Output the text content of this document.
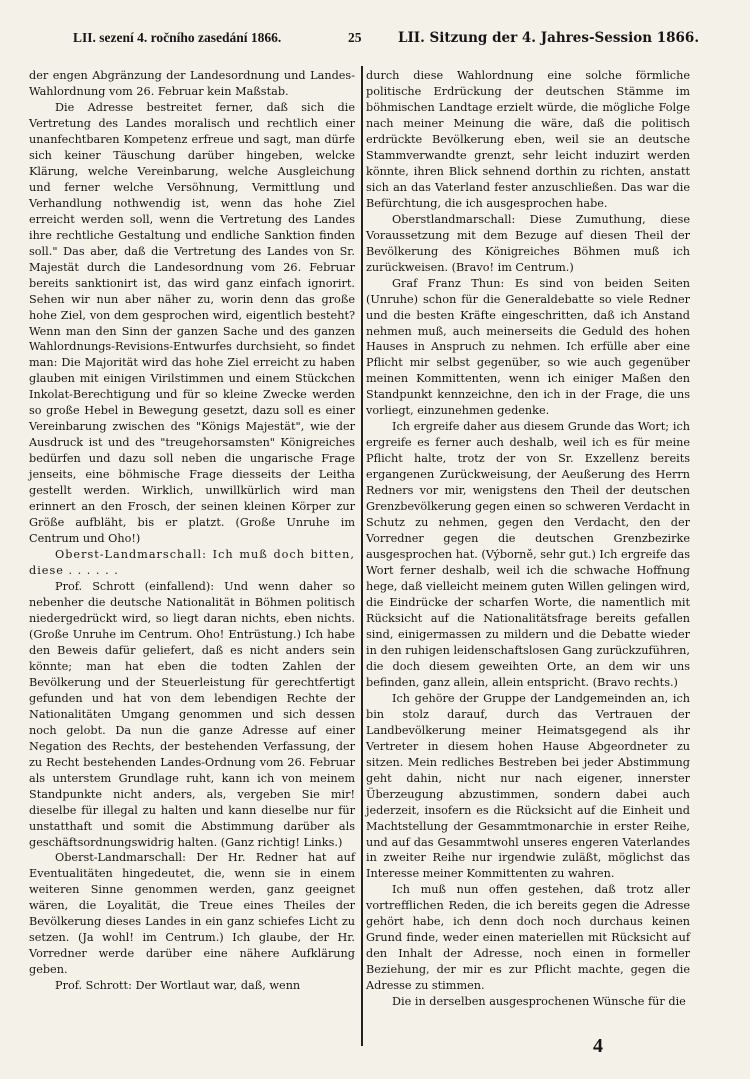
LII. sezení 4. ročního zasedání 1866.	25	LII. Sitzung der 4. Jahres-Session 1866.

der engen Abgränzung der Landesordnung und Landes-Wahlordnung vom 26. Februar kein Maßstab.

Die Adresse bestreitet ferner, daß sich die Vertretung des Landes moralisch und rechtlich einer unanfechtbaren Kompetenz erfreue und sagt, man dürfe sich keiner Täuschung darüber hingeben, welcke Klärung, welche Vereinbarung, welche Ausgleichung und ferner welche Versöhnung, Vermittlung und Verhandlung nothwendig ist, wenn das hohe Ziel erreicht werden soll, wenn die Vertretung des Landes ihre rechtliche Gestaltung und endliche Sanktion finden soll." Das aber, daß die Vertretung des Landes von Sr. Majestät durch die Landesordnung vom 26. Februar bereits sanktionirt ist, das wird ganz einfach ignorirt. Sehen wir nun aber näher zu, worin denn das große hohe Ziel, von dem gesprochen wird, eigentlich besteht? Wenn man den Sinn der ganzen Sache und des ganzen Wahlordnungs-Revisions-Entwurfes durchsieht, so findet man: Die Majorität wird das hohe Ziel erreicht zu haben glauben mit einigen Virilstimmen und einem Stückchen Inkolat-Berechtigung und für so kleine Zwecke werden so große Hebel in Bewegung gesetzt, dazu soll es einer Vereinbarung zwischen des "Königs Majestät", wie der Ausdruck ist und des "treugehorsamsten" Königreiches bedürfen und dazu soll neben die ungarische Frage jenseits, eine böhmische Frage diesseits der Leitha gestellt werden. Wirklich, unwillkürlich wird man erinnert an den Frosch, der seinen kleinen Körper zur Größe aufbläht, bis er platzt. (Große Unruhe im Centrum und Oho!)

Oberst-Landmarschall: Ich muß doch bitten, diese . . . . . .

Prof. Schrott (einfallend): Und wenn daher so nebenher die deutsche Nationalität in Böhmen politisch niedergedrückt wird, so liegt daran nichts, eben nichts. (Große Unruhe im Centrum. Oho! Entrüstung.) Ich habe den Beweis dafür geliefert, daß es nicht anders sein könnte; man hat eben die todten Zahlen der Bevölkerung und der Steuerleistung für gerechtfertigt gefunden und hat von dem lebendigen Rechte der Nationalitäten Umgang genommen und sich dessen noch gelobt. Da nun die ganze Adresse auf einer Negation des Rechts, der bestehenden Verfassung, der zu Recht bestehenden Landes-Ordnung vom 26. Februar als unterstem Grundlage ruht, kann ich von meinem Standpunkte nicht anders, als, vergeben Sie mir! dieselbe für illegal zu halten und kann dieselbe nur für unstatthaft und somit die Abstimmung darüber als geschäftsordnungswidrig halten. (Ganz richtig! Links.)

Oberst-Landmarschall: Der Hr. Redner hat auf Eventualitäten hingedeutet, die, wenn sie in einem weiteren Sinne genommen werden, ganz geeignet wären, die Loyalität, die Treue eines Theiles der Bevölkerung dieses Landes in ein ganz schiefes Licht zu setzen. (Ja wohl! im Centrum.) Ich glaube, der Hr. Vorredner werde darüber eine nähere Aufklärung geben.

Prof. Schrott: Der Wortlaut war, daß, wenn

durch diese Wahlordnung eine solche förmliche politische Erdrückung der deutschen Stämme im böhmischen Landtage erzielt würde, die mögliche Folge nach meiner Meinung die wäre, daß die politisch erdrückte Bevölkerung eben, weil sie an deutsche Stammverwandte grenzt, sehr leicht induzirt werden könnte, ihren Blick sehnend dorthin zu richten, anstatt sich an das Vaterland fester anzuschließen. Das war die Befürchtung, die ich ausgesprochen habe.

Oberstlandmarschall: Diese Zumuthung, diese Voraussetzung mit dem Bezuge auf diesen Theil der Bevölkerung des Königreiches Böhmen muß ich zurückweisen. (Bravo! im Centrum.)

Graf Franz Thun: Es sind von beiden Seiten (Unruhe) schon für die Generaldebatte so viele Redner und die besten Kräfte eingeschritten, daß ich Anstand nehmen muß, auch meinerseits die Geduld des hohen Hauses in Anspruch zu nehmen. Ich erfülle aber eine Pflicht mir selbst gegenüber, so wie auch gegenüber meinen Kommittenten, wenn ich einiger Maßen den Standpunkt kennzeichne, den ich in der Frage, die uns vorliegt, einzunehmen gedenke.

Ich ergreife daher aus diesem Grunde das Wort; ich ergreife es ferner auch deshalb, weil ich es für meine Pflicht halte, trotz der von Sr. Exzellenz bereits ergangenen Zurückweisung, der Aeußerung des Herrn Redners vor mir, wenigstens den Theil der deutschen Grenzbevölkerung gegen einen so schweren Verdacht in Schutz zu nehmen, gegen den Verdacht, den der Vorredner gegen die deutschen Grenzbezirke ausgesprochen hat. (Výborně, sehr gut.) Ich ergreife das Wort ferner deshalb, weil ich die schwache Hoffnung hege, daß vielleicht meinem guten Willen gelingen wird, die Eindrücke der scharfen Worte, die namentlich mit Rücksicht auf die Nationalitätsfrage bereits gefallen sind, einigermassen zu mildern und die Debatte wieder in den ruhigen leidenschaftslosen Gang zurückzuführen, die doch diesem geweihten Orte, an dem wir uns befinden, ganz allein, allein entspricht. (Bravo rechts.)

Ich gehöre der Gruppe der Landgemeinden an, ich bin stolz darauf, durch das Vertrauen der Landbevölkerung meiner Heimatsgegend als ihr Vertreter in diesem hohen Hause Abgeordneter zu sitzen. Mein redliches Bestreben bei jeder Abstimmung geht dahin, nicht nur nach eigener, innerster Überzeugung abzustimmen, sondern dabei auch jederzeit, insofern es die Rücksicht auf die Einheit und Machtstellung der Gesammtmonarchie in erster Reihe, und auf das Gesammtwohl unseres engeren Vaterlandes in zweiter Reihe nur irgendwie zuläßt, möglichst das Interesse meiner Kommittenten zu wahren.

Ich muß nun offen gestehen, daß trotz aller vortrefflichen Reden, die ich bereits gegen die Adresse gehört habe, ich denn doch noch durchaus keinen Grund finde, weder einen materiellen mit Rücksicht auf den Inhalt der Adresse, noch einen in formeller Beziehung, der mir es zur Pflicht machte, gegen die Adresse zu stimmen.

Die in derselben ausgesprochenen Wünsche für die

4
